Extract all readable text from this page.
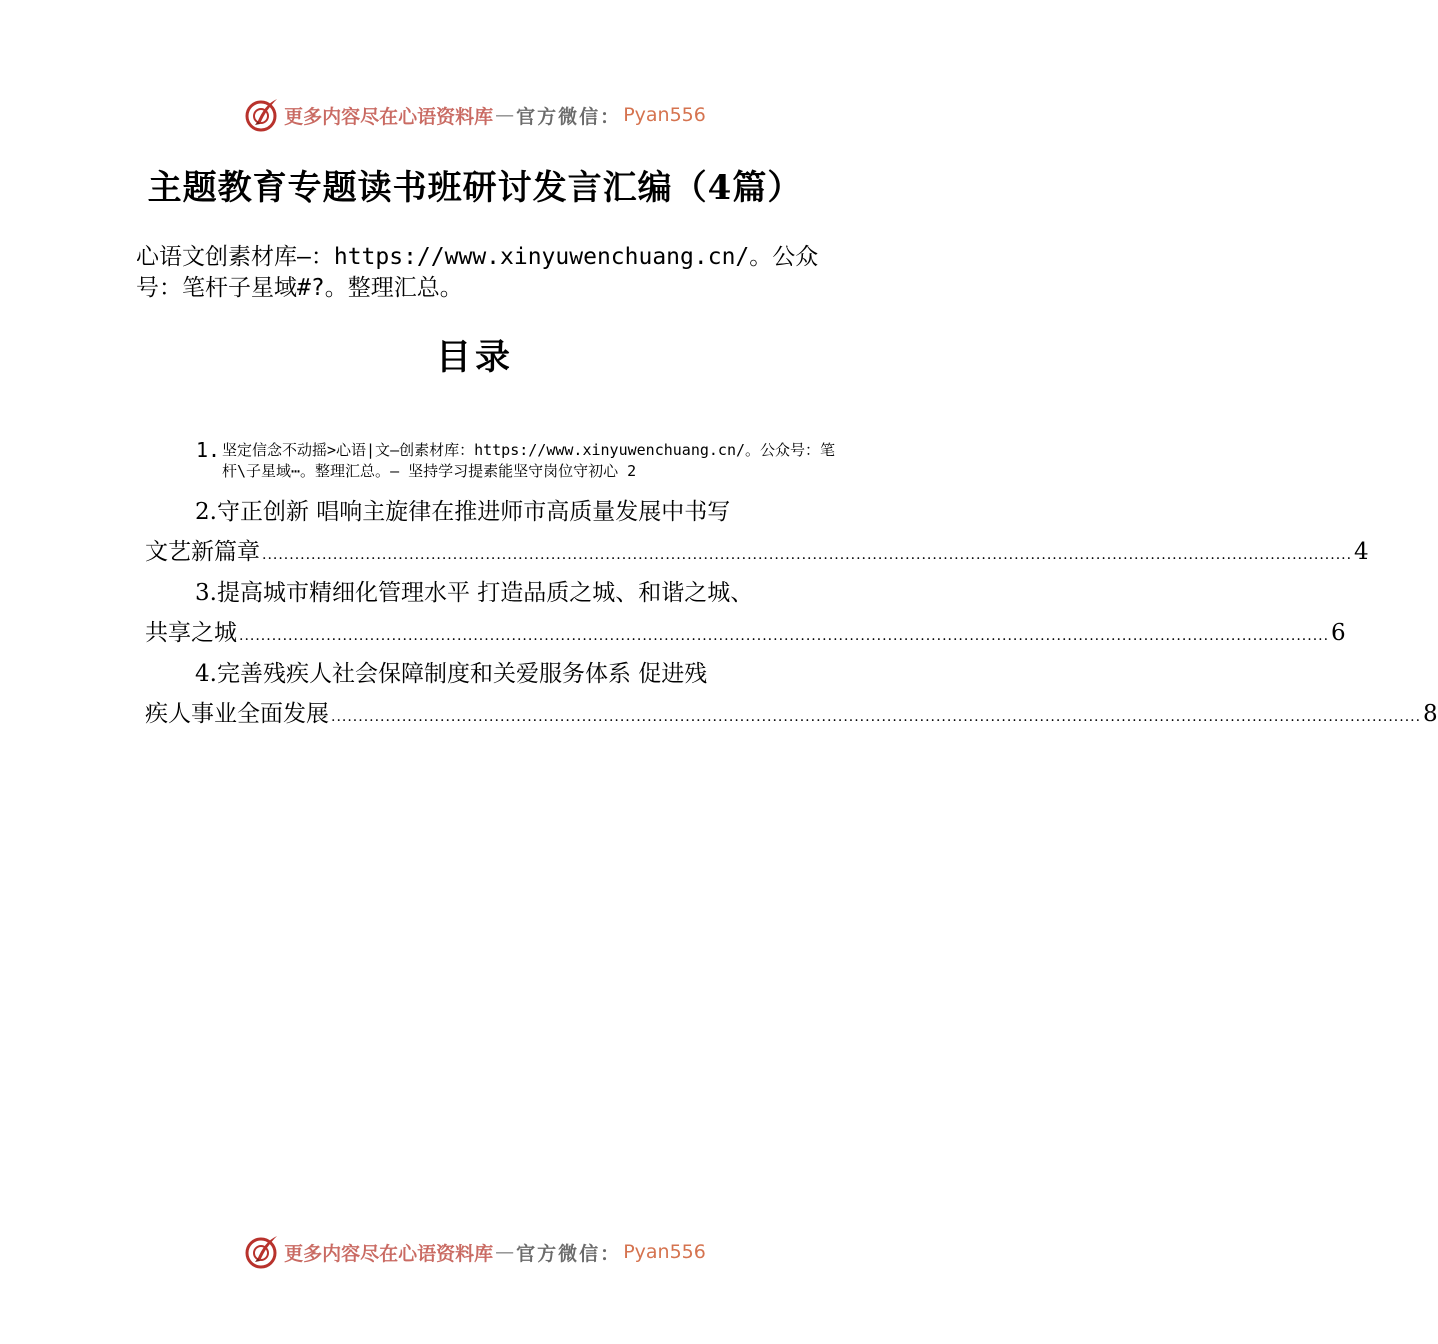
更多内容尽在心语资料库 — 官方微信： Pyan556
主题教育专题读书班研讨发言汇编（4篇）
心语文创素材库—：https://www.xinyuwenchuang.cn/。公众号：笔杆子星域#?。整理汇总。
目录
1. 坚定信念不动摇>心语|文—创素材库：https://www.xinyuwenchuang.cn/。公众号：笔杆\子星域⋯。整理汇总。— 坚持学习提素能坚守岗位守初心 2
2.守正创新 唱响主旋律在推进师市高质量发展中书写
文艺新篇章 ........................................................................................................................................................................................................ 4
3.提高城市精细化管理水平 打造品质之城、和谐之城、
共享之城 ........................................................................................................................................................................................................ 6
4.完善残疾人社会保障制度和关爱服务体系 促进残
疾人事业全面发展 ........................................................................................................................................................................................................ 8
更多内容尽在心语资料库 — 官方微信： Pyan556
